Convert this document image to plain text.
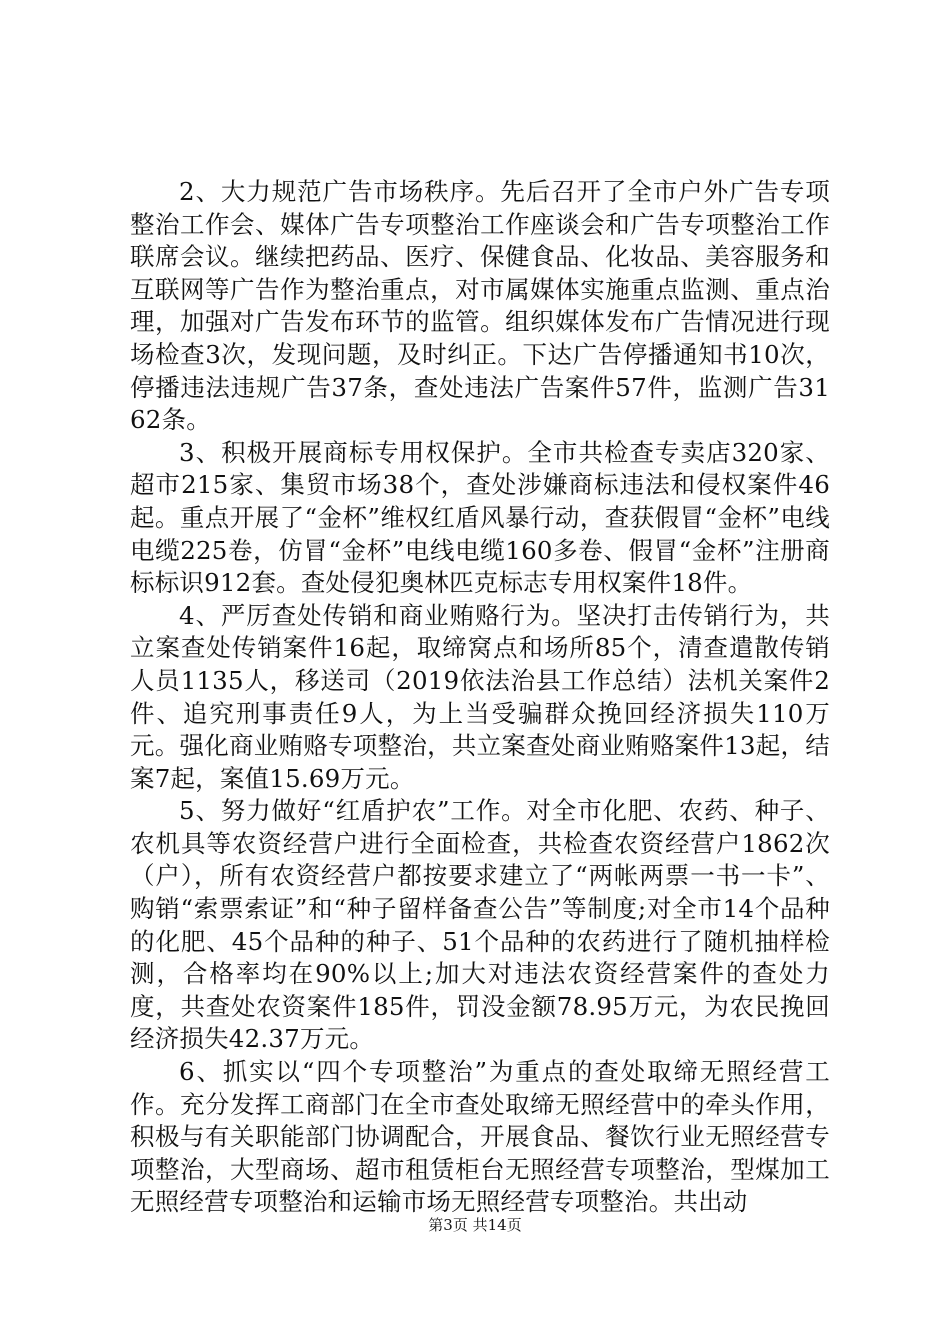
2、大力规范广告市场秩序。先后召开了全市户外广告专项整治工作会、媒体广告专项整治工作座谈会和广告专项整治工作联席会议。继续把药品、医疗、保健食品、化妆品、美容服务和互联网等广告作为整治重点，对市属媒体实施重点监测、重点治理，加强对广告发布环节的监管。组织媒体发布广告情况进行现场检查3次，发现问题，及时纠正。下达广告停播通知书10次，停播违法违规广告37条，查处违法广告案件57件，监测广告3162条。

3、积极开展商标专用权保护。全市共检查专卖店320家、超市215家、集贸市场38个，查处涉嫌商标违法和侵权案件46起。重点开展了“金杯”维权红盾风暴行动，查获假冒“金杯”电线电缆225卷，仿冒“金杯”电线电缆160多卷、假冒“金杯”注册商标标识912套。查处侵犯奥林匹克标志专用权案件18件。

4、严厉查处传销和商业贿赂行为。坚决打击传销行为，共立案查处传销案件16起，取缔窝点和场所85个，清查遣散传销人员1135人，移送司（2019依法治县工作总结）法机关案件2件、追究刑事责任9人，为上当受骗群众挽回经济损失110万元。强化商业贿赂专项整治，共立案查处商业贿赂案件13起，结案7起，案值15.69万元。

5、努力做好“红盾护农”工作。对全市化肥、农药、种子、农机具等农资经营户进行全面检查，共检查农资经营户1862次（户），所有农资经营户都按要求建立了“两帐两票一书一卡”、购销“索票索证”和“种子留样备查公告”等制度;对全市14个品种的化肥、45个品种的种子、51个品种的农药进行了随机抽样检测，合格率均在90%以上;加大对违法农资经营案件的查处力度，共查处农资案件185件，罚没金额78.95万元，为农民挽回经济损失42.37万元。

6、抓实以“四个专项整治”为重点的查处取缔无照经营工作。充分发挥工商部门在全市查处取缔无照经营中的牵头作用，积极与有关职能部门协调配合，开展食品、餐饮行业无照经营专项整治，大型商场、超市租赁柜台无照经营专项整治，型煤加工无照经营专项整治和运输市场无照经营专项整治。共出动

第3页 共14页
